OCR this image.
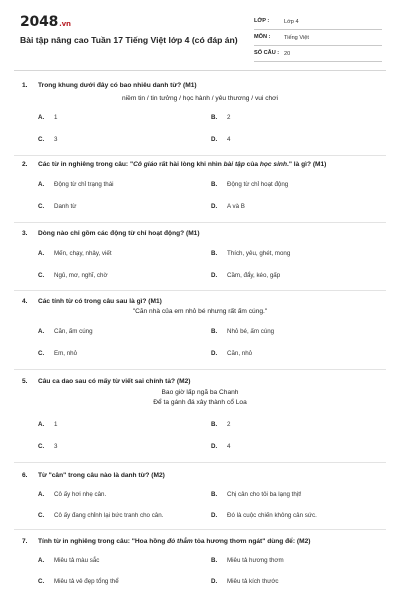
2048.vn
Bài tập nâng cao Tuần 17 Tiếng Việt lớp 4 (có đáp án)
LỚP :	Lớp 4
MÔN : Tiếng Việt
SỐ CÂU : 20
1. Trong khung dưới đây có bao nhiêu danh từ? (M1)
niềm tin / tin tưởng / học hành / yêu thương / vui chơi
A. 1	B. 2
C. 3	D. 4
2. Các từ in nghiêng trong câu: "Cô giáo rất hài lòng khi nhìn bài tập của học sinh." là gì? (M1)
A. Động từ chỉ trạng thái	B. Động từ chỉ hoạt động
C. Danh từ	D. A và B
3. Dòng nào chỉ gồm các động từ chỉ hoạt động? (M1)
A. Mến, chạy, nhảy, viết	B. Thích, yêu, ghét, mong
C. Ngủ, mơ, nghĩ, chờ	D. Cầm, đẩy, kéo, gấp
4. Các tính từ có trong câu sau là gì? (M1)
"Căn nhà của em nhỏ bé nhưng rất ấm cúng."
A. Căn, ấm cúng	B. Nhỏ bé, ấm cúng
C. Em, nhỏ	D. Căn, nhỏ
5. Câu ca dao sau có mấy từ viết sai chính tả? (M2)
Bao giờ lấp ngã ba Chanh
Để ta gánh đá xây thành cổ Loa
A. 1	B. 2
C. 3	D. 4
6. Từ "cân" trong câu nào là danh từ? (M2)
A. Cô ấy hơi nhẹ cân.	B. Chị cân cho tôi ba lạng thịt!
C. Cô ấy đang chỉnh lại bức tranh cho cân.	D. Đó là cuộc chiến không cân sức.
7. Tính từ in nghiêng trong câu: "Hoa hồng đỏ thắm tỏa hương thơm ngát" dùng để: (M2)
A. Miêu tả màu sắc	B. Miêu tả hương thơm
C. Miêu tả vẻ đẹp tổng thể	D. Miêu tả kích thước
